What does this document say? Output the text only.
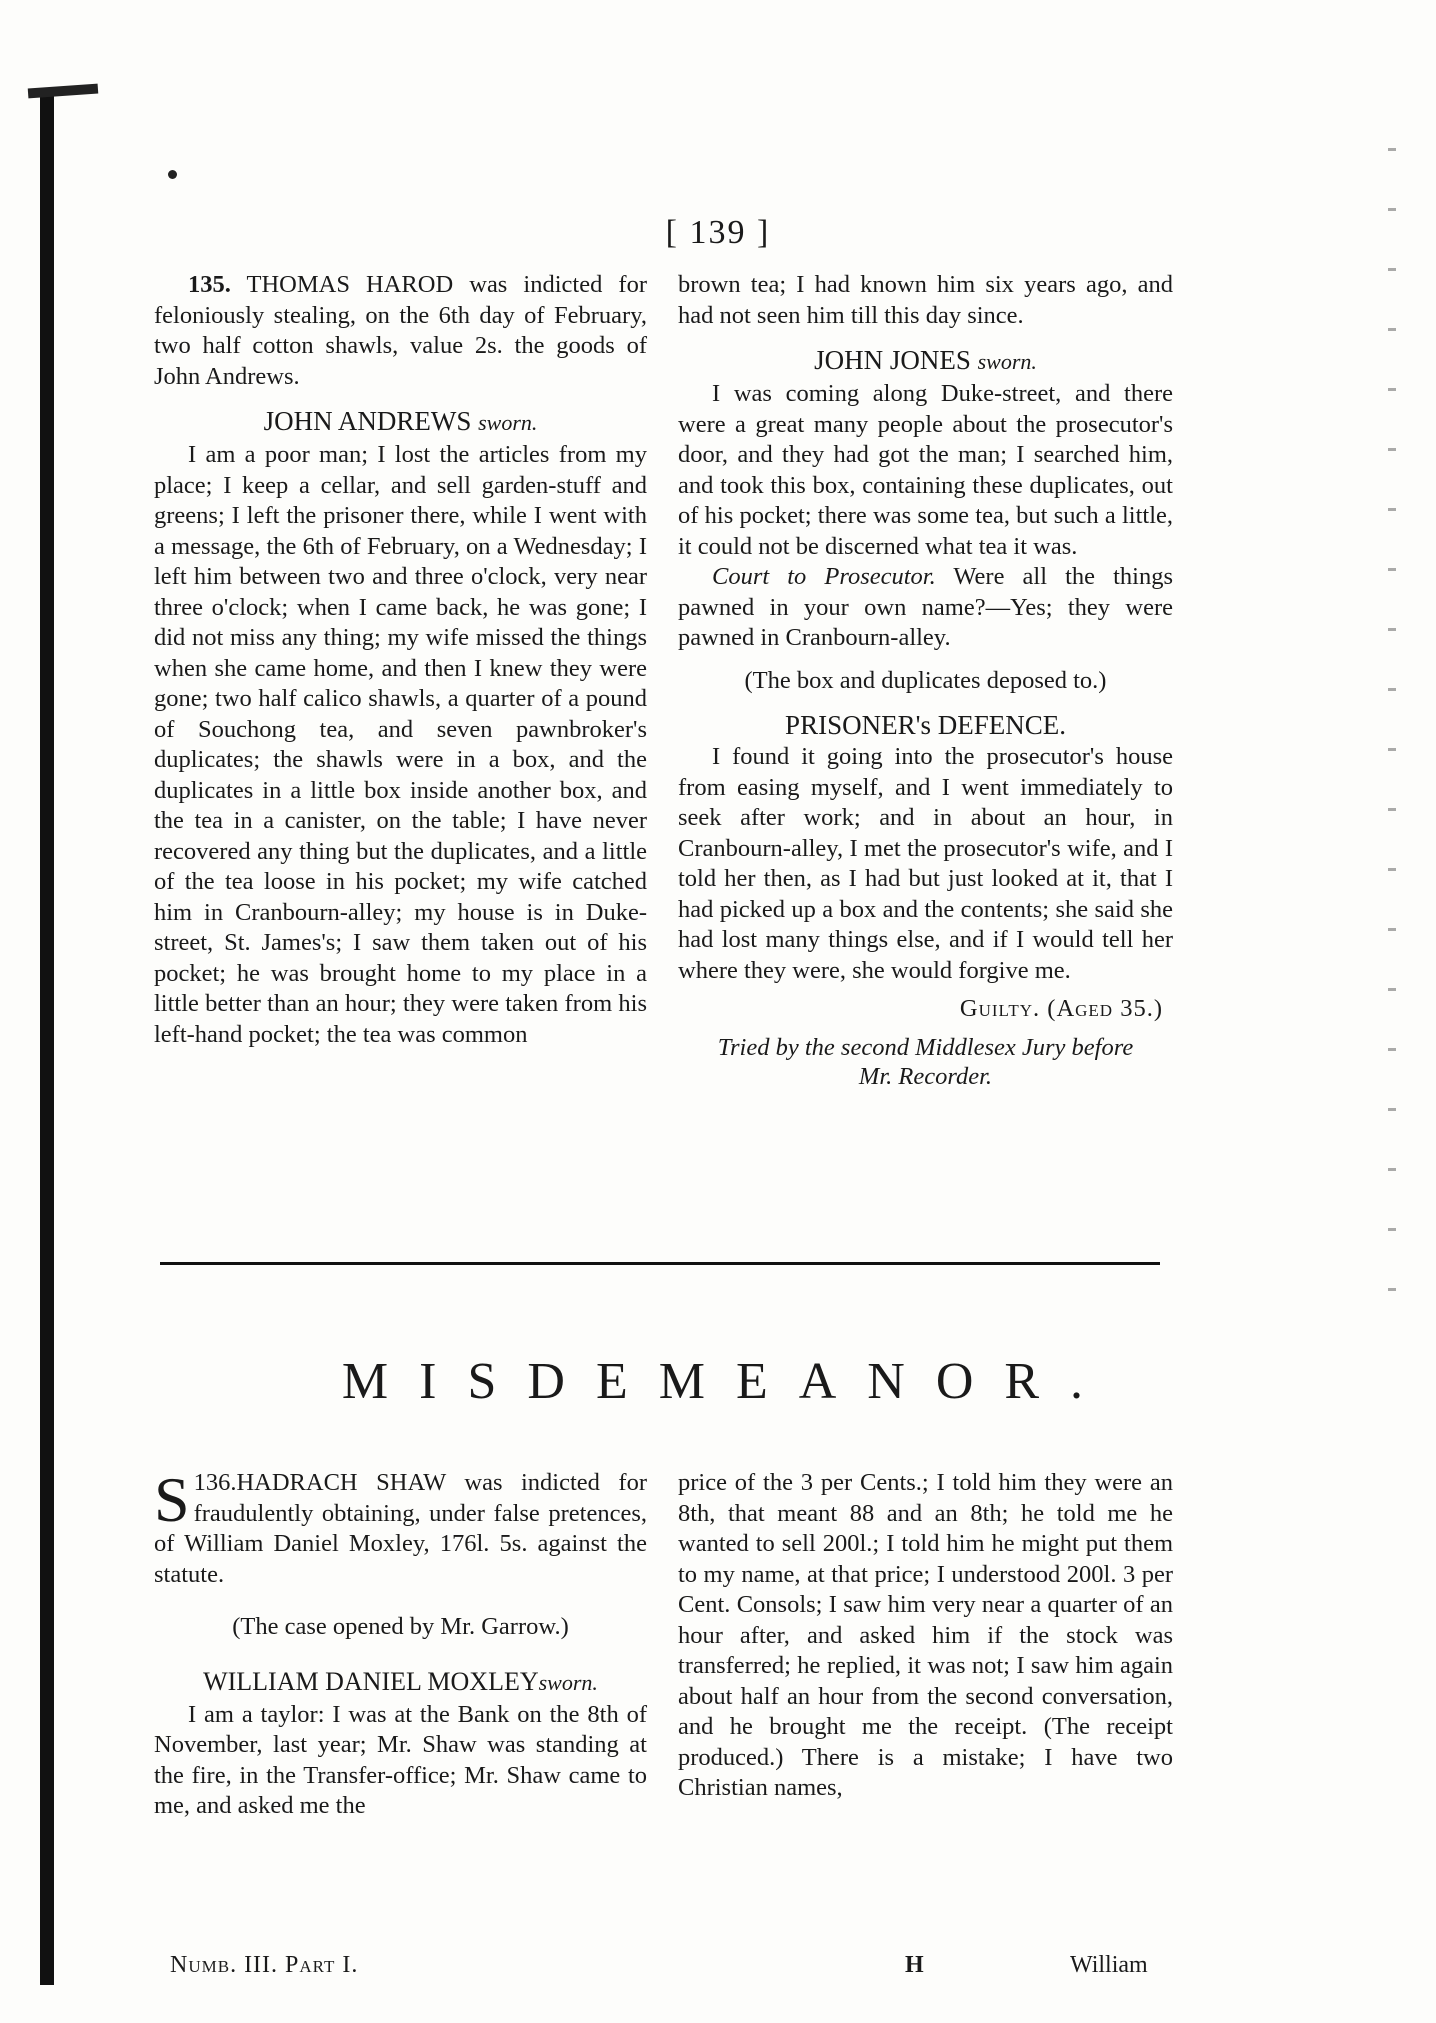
[ 139 ]

135. THOMAS HAROD was indicted for feloniously stealing, on the 6th day of February, two half cotton shawls, value 2s. the goods of John Andrews.

JOHN ANDREWS sworn.

I am a poor man; I lost the articles from my place; I keep a cellar, and sell garden-stuff and greens; I left the prisoner there, while I went with a message, the 6th of February, on a Wednesday; I left him between two and three o'clock, very near three o'clock; when I came back, he was gone; I did not miss any thing; my wife missed the things when she came home, and then I knew they were gone; two half calico shawls, a quarter of a pound of Souchong tea, and seven pawnbroker's duplicates; the shawls were in a box, and the duplicates in a little box inside another box, and the tea in a canister, on the table; I have never recovered any thing but the duplicates, and a little of the tea loose in his pocket; my wife catched him in Cranbourn-alley; my house is in Duke-street, St. James's; I saw them taken out of his pocket; he was brought home to my place in a little better than an hour; they were taken from his left-hand pocket; the tea was common

brown tea; I had known him six years ago, and had not seen him till this day since.

JOHN JONES sworn.

I was coming along Duke-street, and there were a great many people about the prosecutor's door, and they had got the man; I searched him, and took this box, containing these duplicates, out of his pocket; there was some tea, but such a little, it could not be discerned what tea it was.

Court to Prosecutor. Were all the things pawned in your own name?—Yes; they were pawned in Cranbourn-alley.

(The box and duplicates deposed to.)

PRISONER's DEFENCE.

I found it going into the prosecutor's house from easing myself, and I went immediately to seek after work; and in about an hour, in Cranbourn-alley, I met the prosecutor's wife, and I told her then, as I had but just looked at it, that I had picked up a box and the contents; she said she had lost many things else, and if I would tell her where they were, she would forgive me.

Guilty. (Aged 35.)

Tried by the second Middlesex Jury before
Mr. Recorder.

MISDEMEANOR.

136.
S HADRACH SHAW was indicted for fraudulently obtaining, under false pretences, of William Daniel Moxley, 176l. 5s. against the statute.

(The case opened by Mr. Garrow.)

WILLIAM DANIEL MOXLEYsworn.

I am a taylor: I was at the Bank on the 8th of November, last year; Mr. Shaw was standing at the fire, in the Transfer-office; Mr. Shaw came to me, and asked me the

price of the 3 per Cents.; I told him they were an 8th, that meant 88 and an 8th; he told me he wanted to sell 200l.; I told him he might put them to my name, at that price; I understood 200l. 3 per Cent. Consols; I saw him very near a quarter of an hour after, and asked him if the stock was transferred; he replied, it was not; I saw him again about half an hour from the second conversation, and he brought me the receipt. (The receipt produced.) There is a mistake; I have two Christian names,

Numb. III. Part I.	H	William
